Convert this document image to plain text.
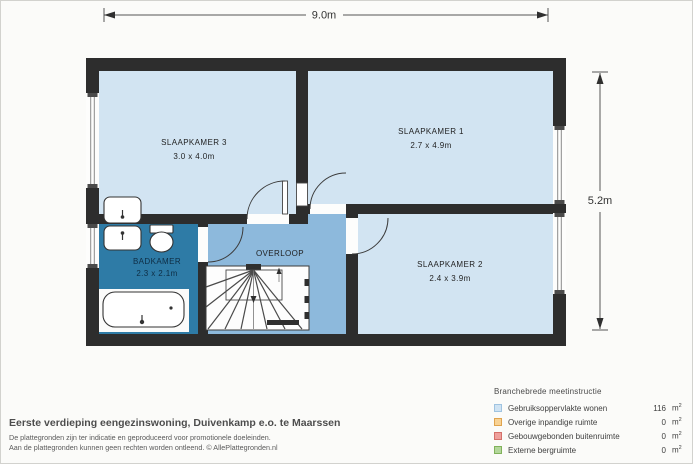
SLAAPKAMER 3
3.0 x 4.0m
SLAAPKAMER 1
2.7 x 4.9m
SLAAPKAMER 2
2.4 x 3.9m
BADKAMER
2.3 x 2.1m
OVERLOOP
9.0m
5.2m
Branchebrede meetinstructie
Gebruiksoppervlakte wonen	116 $m^2$
Overige inpandige ruimte	0 $m^2$
Gebouwgebonden buitenruimte	0 $m^2$
Externe bergruimte	0 $m^2$
Eerste verdieping eengezinswoning, Duivenkamp e.o. te Maarssen
De plattegronden zijn ter indicatie en geproduceerd voor promotionele doeleinden.
Aan de plattegronden kunnen geen rechten worden ontleend. © AllePlattegronden.nl
